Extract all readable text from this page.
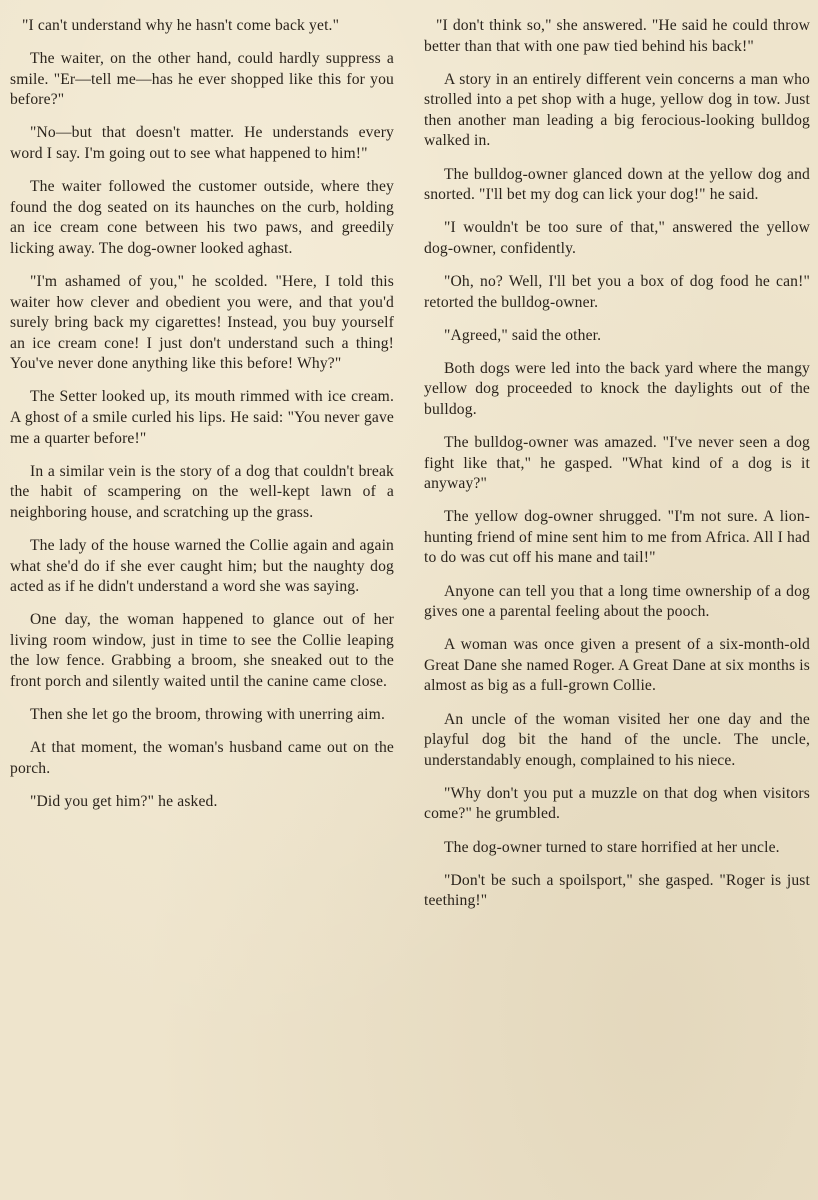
"I can't understand why he hasn't come back yet."

The waiter, on the other hand, could hardly suppress a smile. "Er—tell me—has he ever shopped like this for you before?"

"No—but that doesn't matter. He understands every word I say. I'm going out to see what happened to him!"

The waiter followed the customer outside, where they found the dog seated on its haunches on the curb, holding an ice cream cone between his two paws, and greedily licking away. The dog-owner looked aghast.

"I'm ashamed of you," he scolded. "Here, I told this waiter how clever and obedient you were, and that you'd surely bring back my cigarettes! Instead, you buy yourself an ice cream cone! I just don't understand such a thing! You've never done anything like this before! Why?"

The Setter looked up, its mouth rimmed with ice cream. A ghost of a smile curled his lips. He said: "You never gave me a quarter before!"

In a similar vein is the story of a dog that couldn't break the habit of scampering on the well-kept lawn of a neighboring house, and scratching up the grass.

The lady of the house warned the Collie again and again what she'd do if she ever caught him; but the naughty dog acted as if he didn't understand a word she was saying.

One day, the woman happened to glance out of her living room window, just in time to see the Collie leaping the low fence. Grabbing a broom, she sneaked out to the front porch and silently waited until the canine came close.

Then she let go the broom, throwing with unerring aim.

At that moment, the woman's husband came out on the porch.

"Did you get him?" he asked.

"I don't think so," she answered. "He said he could throw better than that with one paw tied behind his back!"

A story in an entirely different vein concerns a man who strolled into a pet shop with a huge, yellow dog in tow. Just then another man leading a big ferocious-looking bulldog walked in.

The bulldog-owner glanced down at the yellow dog and snorted. "I'll bet my dog can lick your dog!" he said.

"I wouldn't be too sure of that," answered the yellow dog-owner, confidently.

"Oh, no? Well, I'll bet you a box of dog food he can!" retorted the bulldog-owner.

"Agreed," said the other.

Both dogs were led into the back yard where the mangy yellow dog proceeded to knock the daylights out of the bulldog.

The bulldog-owner was amazed. "I've never seen a dog fight like that," he gasped. "What kind of a dog is it anyway?"

The yellow dog-owner shrugged. "I'm not sure. A lion-hunting friend of mine sent him to me from Africa. All I had to do was cut off his mane and tail!"

Anyone can tell you that a long time ownership of a dog gives one a parental feeling about the pooch.

A woman was once given a present of a six-month-old Great Dane she named Roger. A Great Dane at six months is almost as big as a full-grown Collie.

An uncle of the woman visited her one day and the playful dog bit the hand of the uncle. The uncle, understandably enough, complained to his niece.

"Why don't you put a muzzle on that dog when visitors come?" he grumbled.

The dog-owner turned to stare horrified at her uncle.

"Don't be such a spoilsport," she gasped. "Roger is just teething!"
